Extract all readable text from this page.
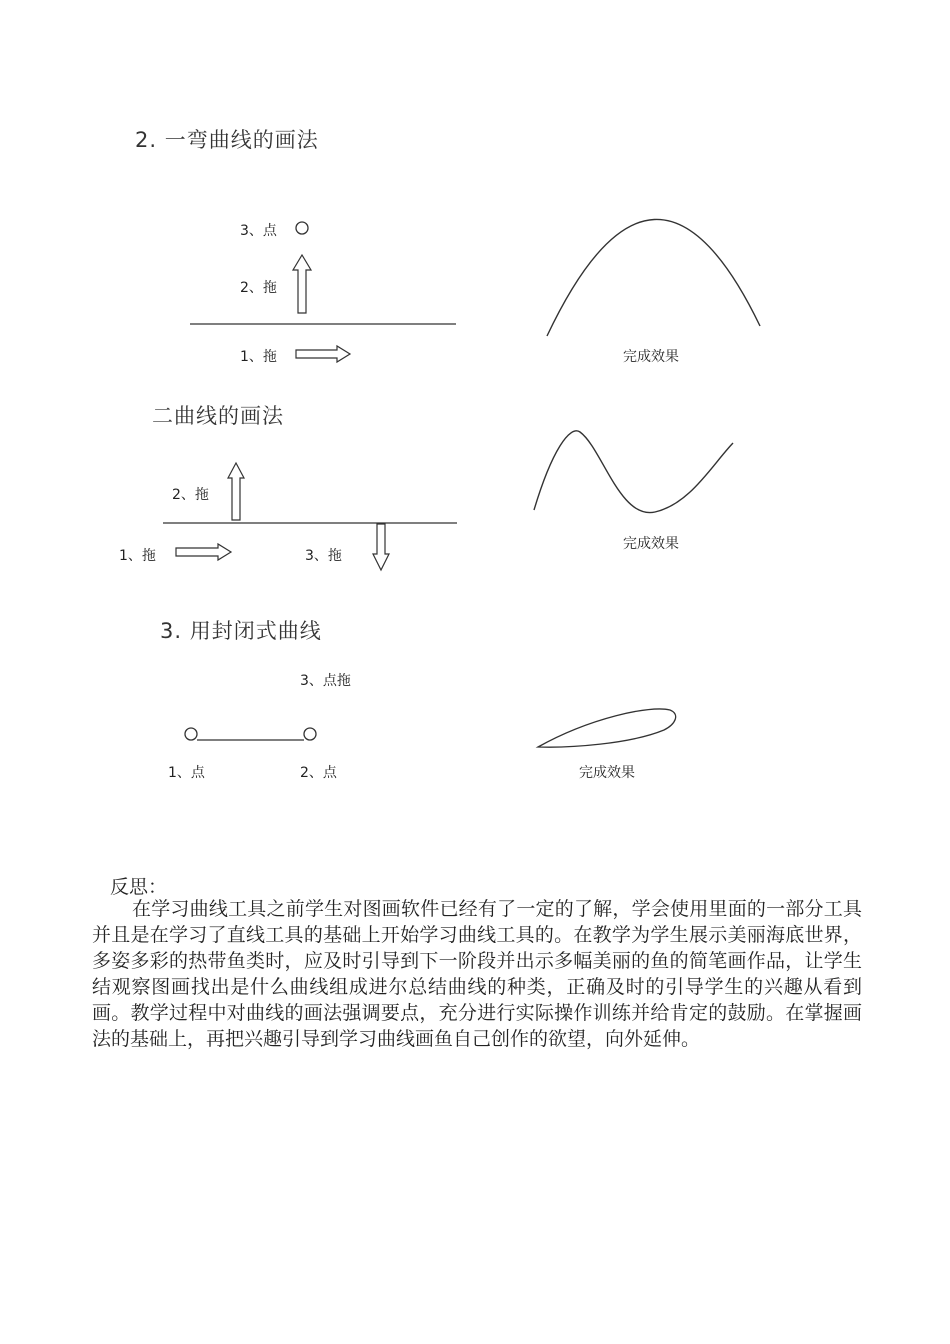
2. 一弯曲线的画法
3、点
2、拖
1、拖	完成效果
二曲线的画法
2、拖
1、拖	3、拖
完成效果
3. 用封闭式曲线
3、点拖
1、点	2、点	完成效果
反思：
在学习曲线工具之前学生对图画软件已经有了一定的了解，学会使用里面的一部分工具并且是在学习了直线工具的基础上开始学习曲线工具的。在教学为学生展示美丽海底世界，多姿多彩的热带鱼类时，应及时引导到下一阶段并出示多幅美丽的鱼的简笔画作品，让学生结观察图画找出是什么曲线组成进尔总结曲线的种类，正确及时的引导学生的兴趣从看到画。教学过程中对曲线的画法强调要点，充分进行实际操作训练并给肯定的鼓励。在掌握画法的基础上，再把兴趣引导到学习曲线画鱼自己创作的欲望，向外延伸。
